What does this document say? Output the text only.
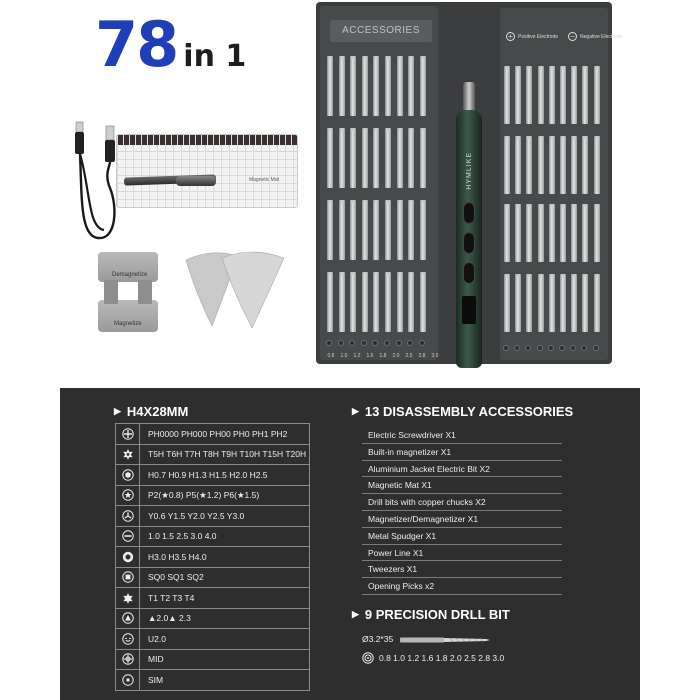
78 in 1
Magnetic Mat
Demagnetize
Magnetize
ACCESSORIES
+	Positive Electrode −	Negative Electrode
HYMLIKE
0.8	1.0	1.2	1.6	1.8	2.0	2.5	2.8	3.0
▶ H4X28MM
	PH0000 PH000 PH00 PH0 PH1 PH2
	T5H T6H T7H T8H T9H T10H T15H T20H
	H0.7 H0.9 H1.3 H1.5 H2.0 H2.5
	P2(★0.8) P5(★1.2) P6(★1.5)
	Y0.6 Y1.5 Y2.0 Y2.5 Y3.0
	1.0 1.5 2.5 3.0 4.0
	H3.0 H3.5 H4.0
	SQ0 SQ1 SQ2
	T1 T2 T3 T4
	▲2.0▲ 2.3
	U2.0
	MID
	SIM
▶ 13 DISASSEMBLY ACCESSORIES
Electric Screwdriver X1
Built-in magnetizer X1
Aluminium Jacket Electric Bit X2
Magnetic Mat X1
Drill bits with copper chucks X2
Magnetizer/Demagnetizer X1
Metal Spudger X1
Power Line X1
Tweezers X1
Opening Picks x2
▶ 9 PRECISION DRLL BIT
Ø3.2*35
0.8 1.0 1.2 1.6 1.8 2.0 2.5 2.8 3.0
